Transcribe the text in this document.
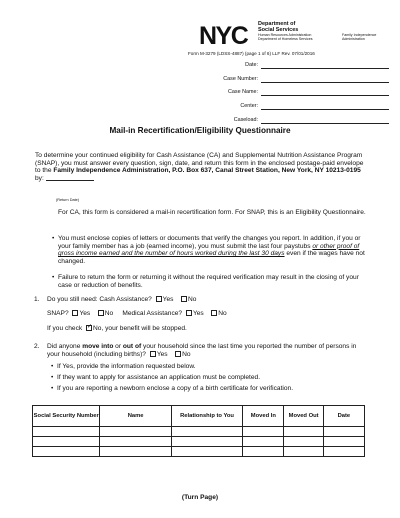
NYC Department of
Social Services
Human Resources Administration
Department of Homeless Services
Family Independence
Administration
Form M-3279 (LDSS-4887) (page 1 of 6) LLF Rev. 07/01/2016
Date:
Case Number:
Case Name:
Center:
Caseload:
Mail-in Recertification/Eligibility Questionnaire
To determine your continued eligibility for Cash Assistance (CA) and Supplemental Nutrition Assistance Program (SNAP), you must answer every question, sign, date, and return this form in the enclosed postage-paid envelope to the Family Independence Administration, P.O. Box 637, Canal Street Station, New York, NY 10213-0195
by:
(Return Date)
For CA, this form is considered a mail-in recertification form. For SNAP, this is an Eligibility Questionnaire.
• You must enclose copies of letters or documents that verify the changes you report. In addition, if you or your family member has a job (earned income), you must submit the last four paystubs or other proof of gross income earned and the number of hours worked during the last 30 days even if the wages have not changed.
• Failure to return the form or returning it without the required verification may result in the closing of your case or reduction of benefits.
1. Do you still need: Cash Assistance? Yes No
SNAP? Yes No Medical Assistance? Yes No
If you check ✓ No, your benefit will be stopped.
2. Did anyone move into or out of your household since the last time you reported the number of persons in your household (including births)? Yes No
• If Yes, provide the information requested below.
• If they want to apply for assistance an application must be completed.
• If you are reporting a newborn enclose a copy of a birth certificate for verification.
Social Security Number	Name	Relationship to You	Moved In	Moved Out	Date

(Turn Page)
